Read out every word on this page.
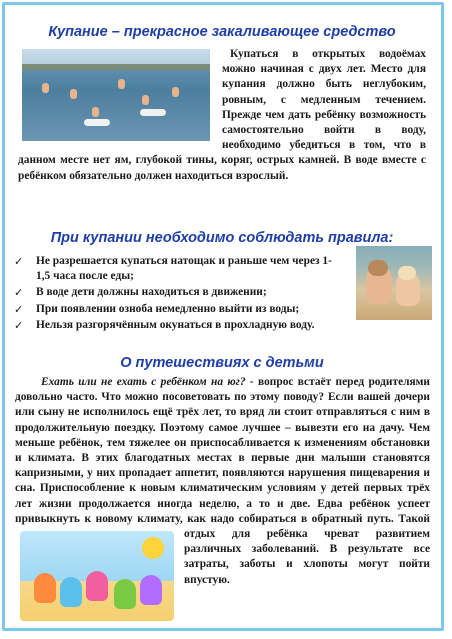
Купание – прекрасное закаливающее средство

Купаться в открытых водоёмах можно начиная с двух лет. Место для купания должно быть неглубоким, ровным, с медленным течением. Прежде чем дать ребёнку возможность самостоятельно войти в воду, необходимо убедиться в том, что в данном месте нет ям, глубокой тины, коряг, острых камней. В воде вместе с ребёнком обязательно должен находиться взрослый.

При купании необходимо соблюдать правила:
✓	Не разрешается купаться натощак и раньше чем через 1-1,5 часа после еды;
✓	В воде дети должны находиться в движении;
✓	При появлении озноба немедленно выйти из воды;
✓	Нельзя разгорячённым окунаться в прохладную воду.
О путешествиях с детьми

Ехать или не ехать с ребёнком на юг? - вопрос встаёт перед родителями довольно часто. Что можно посоветовать по этому поводу? Если вашей дочери или сыну не исполнилось ещё трёх лет, то вряд ли стоит отправляться с ним в продолжительную поездку. Поэтому самое лучшее – вывезти его на дачу. Чем меньше ребёнок, тем тяжелее он приспосабливается к изменениям обстановки и климата. В этих благодатных местах в первые дни малыши становятся капризными, у них пропадает аппетит, появляются нарушения пищеварения и сна. Приспособление к новым климатическим условиям у детей первых трёх лет жизни продолжается иногда неделю, а то и две. Едва ребёнок успеет привыкнуть к новому климату, как надо собираться в обратный путь. Такой отдых для ребёнка чреват развитием различных заболеваний. В результате все затраты, заботы и хлопоты могут пойти впустую.
